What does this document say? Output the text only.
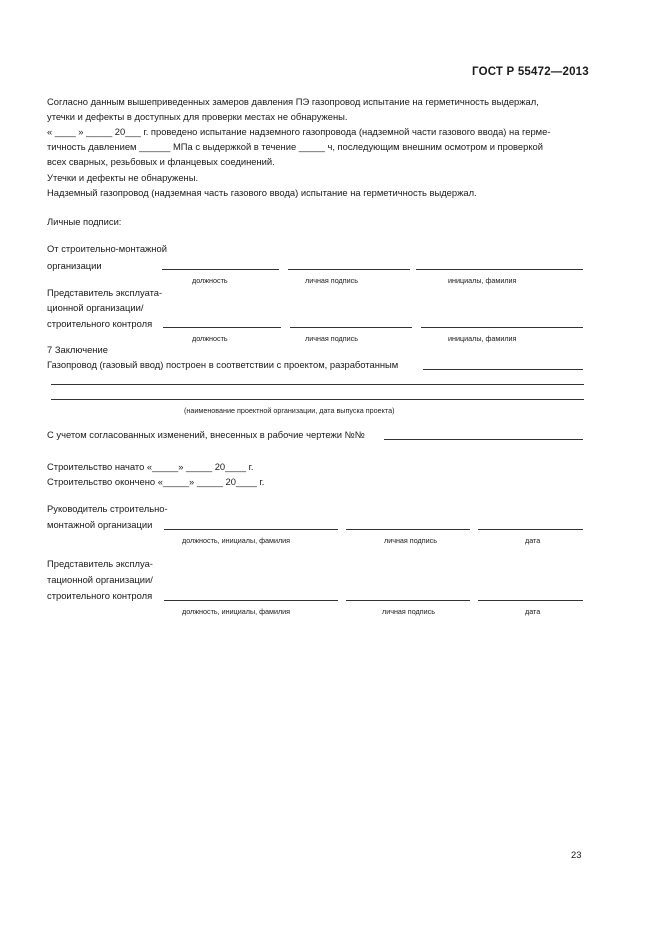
ГОСТ Р 55472—2013
Согласно данным вышеприведенных замеров давления ПЭ газопровод испытание на герметичность выдержал,
утечки и дефекты в доступных для проверки местах не обнаружены.
« ____ » _____ 20___ г. проведено испытание надземного газопровода (надземной части газового ввода) на герме-
тичность давлением ______ МПа с выдержкой в течение _____ ч, последующим внешним осмотром и проверкой
всех сварных, резьбовых и фланцевых соединений.
Утечки и дефекты не обнаружены.
Надземный газопровод (надземная часть газового ввода) испытание на герметичность выдержал.
Личные подписи:
От строительно-монтажной
организации
должность	личная подпись	инициалы, фамилия
Представитель эксплуата-
ционной организации/
строительного контроля
должность	личная подпись	инициалы, фамилия
7 Заключение
Газопровод (газовый ввод) построен в соответствии с проектом, разработанным
(наименование проектной организации, дата выпуска проекта)
С учетом согласованных изменений, внесенных в рабочие чертежи №№
Строительство начато «_____» _____ 20____ г.
Строительство окончено «_____» _____ 20____ г.
Руководитель строительно-
монтажной организации
должность, инициалы, фамилия	личная подпись	дата
Представитель эксплуа-
тационной организации/
строительного контроля
должность, инициалы, фамилия	личная подпись	дата
23
